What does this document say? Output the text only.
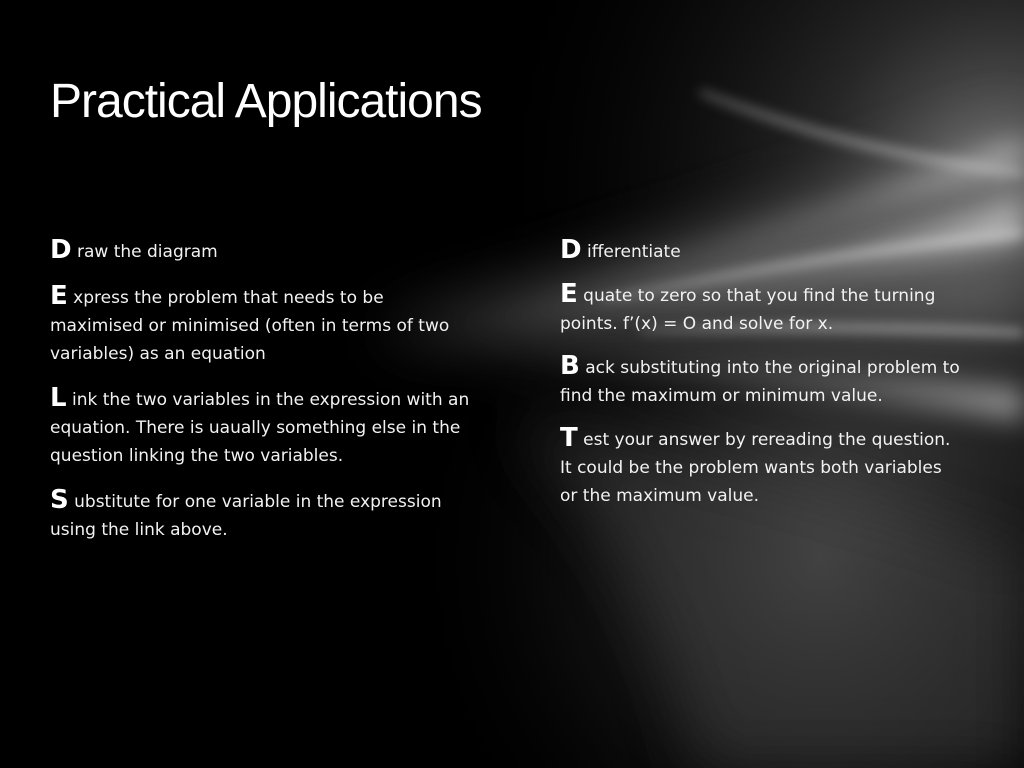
Practical Applications

D raw the diagram

E xpress the problem that needs to be maximised or minimised (often in terms of two variables) as an equation

L ink the two variables in the expression with an equation. There is uaually something else in the question linking the two variables.

S ubstitute for one variable in the expression using the link above.

D ifferentiate

E quate to zero so that you find the turning points. f’(x) = O and solve for x.

B ack substituting into the original problem to find the maximum or minimum value.

T est your answer by rereading the question. It could be the problem wants both variables or the maximum value.
